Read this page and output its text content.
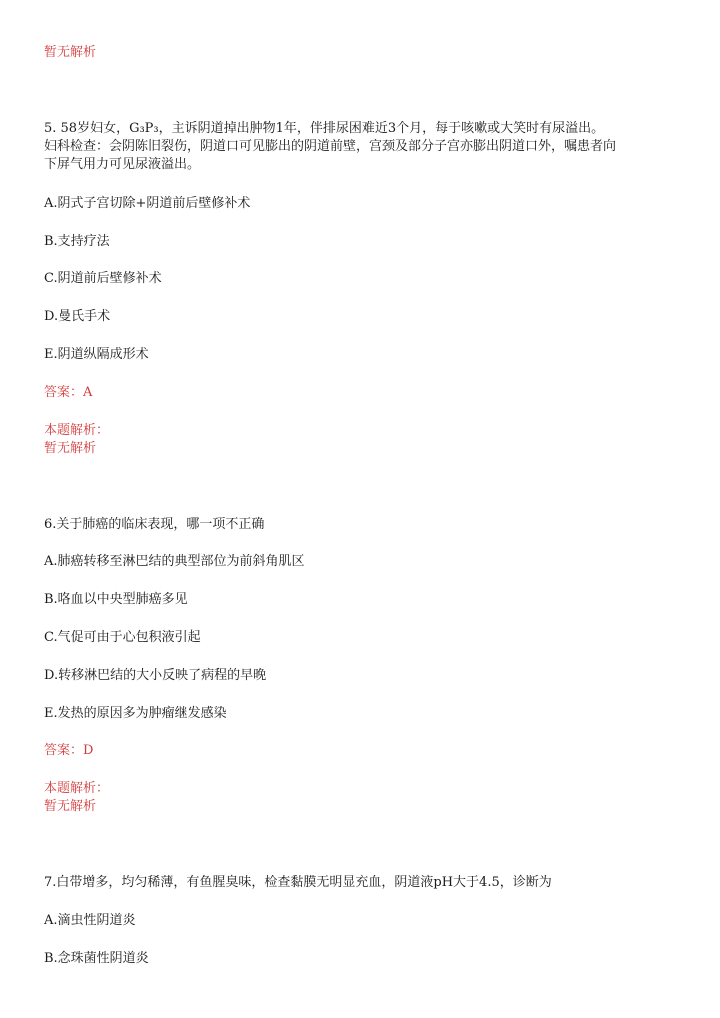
暂无解析
5. 58岁妇女，G₃P₃，主诉阴道掉出肿物1年，伴排尿困难近3个月，每于咳嗽或大笑时有尿溢出。
妇科检查：会阴陈旧裂伤，阴道口可见膨出的阴道前壁，宫颈及部分子宫亦膨出阴道口外，嘱患者向
下屏气用力可见尿液溢出。
A.阴式子宫切除+阴道前后壁修补术
B.支持疗法
C.阴道前后壁修补术
D.曼氏手术
E.阴道纵隔成形术
答案：A
本题解析：
暂无解析
6.关于肺癌的临床表现，哪一项不正确
A.肺癌转移至淋巴结的典型部位为前斜角肌区
B.咯血以中央型肺癌多见
C.气促可由于心包积液引起
D.转移淋巴结的大小反映了病程的早晚
E.发热的原因多为肿瘤继发感染
答案：D
本题解析：
暂无解析
7.白带增多，均匀稀薄，有鱼腥臭味，检查黏膜无明显充血，阴道液pH大于4.5，诊断为
A.滴虫性阴道炎
B.念珠菌性阴道炎
